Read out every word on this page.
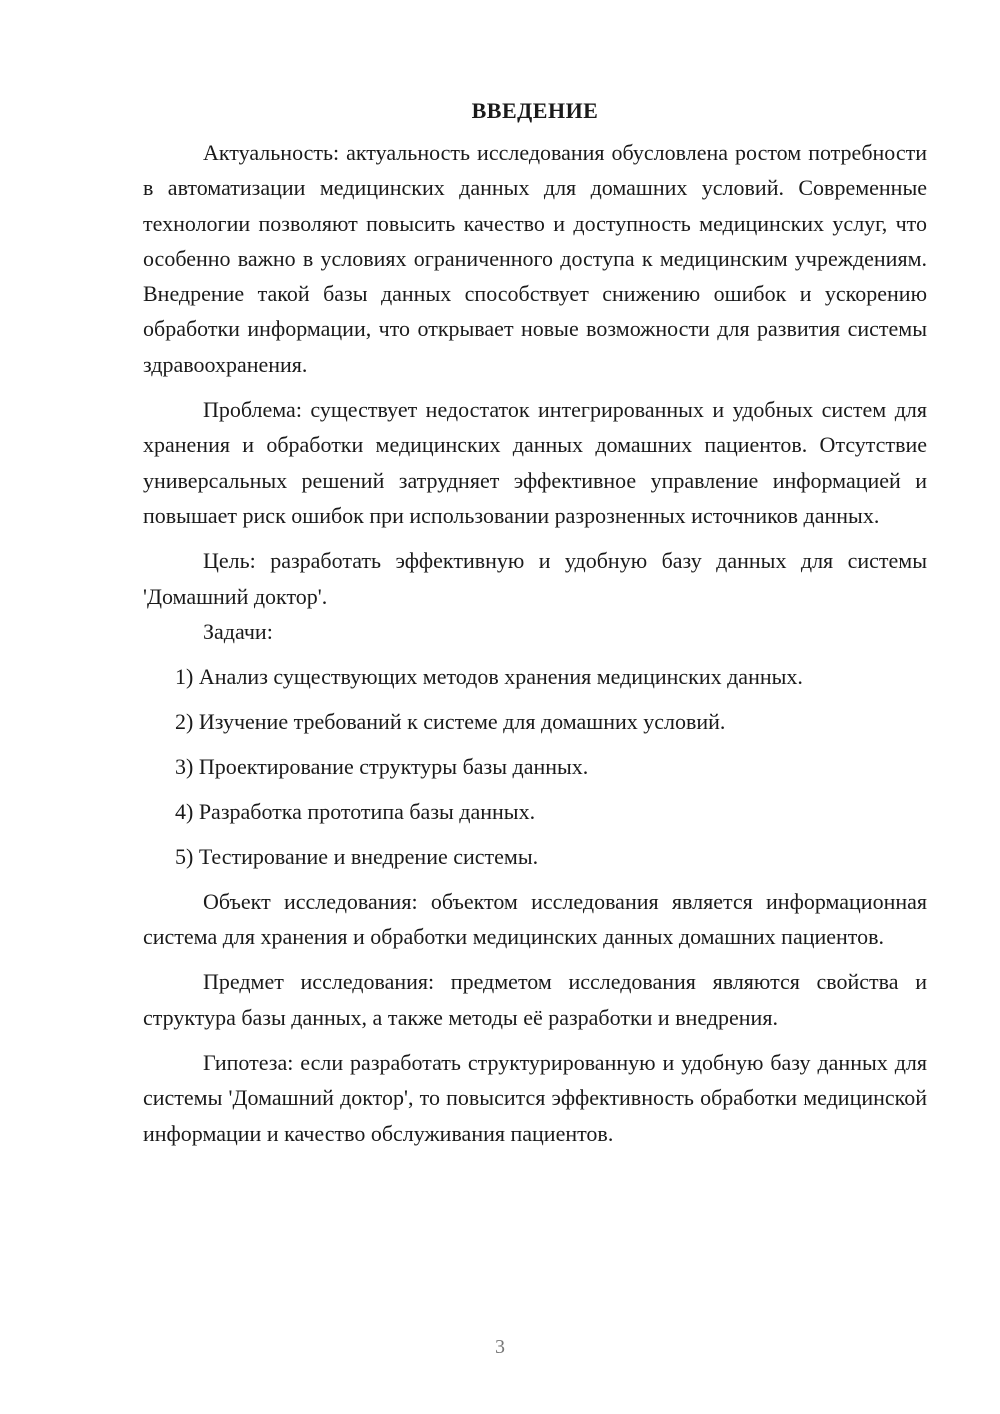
ВВЕДЕНИЕ

Актуальность: актуальность исследования обусловлена ростом потребности в автоматизации медицинских данных для домашних условий. Современные технологии позволяют повысить качество и доступность медицинских услуг, что особенно важно в условиях ограниченного доступа к медицинским учреждениям. Внедрение такой базы данных способствует снижению ошибок и ускорению обработки информации, что открывает новые возможности для развития системы здравоохранения.

Проблема: существует недостаток интегрированных и удобных систем для хранения и обработки медицинских данных домашних пациентов. Отсутствие универсальных решений затрудняет эффективное управление информацией и повышает риск ошибок при использовании разрозненных источников данных.

Цель: разработать эффективную и удобную базу данных для системы 'Домашний доктор'.

Задачи:

1) Анализ существующих методов хранения медицинских данных.

2) Изучение требований к системе для домашних условий.

3) Проектирование структуры базы данных.

4) Разработка прототипа базы данных.

5) Тестирование и внедрение системы.

Объект исследования: объектом исследования является информационная система для хранения и обработки медицинских данных домашних пациентов.

Предмет исследования: предметом исследования являются свойства и структура базы данных, а также методы её разработки и внедрения.

Гипотеза: если разработать структурированную и удобную базу данных для системы 'Домашний доктор', то повысится эффективность обработки медицинской информации и качество обслуживания пациентов.

3
